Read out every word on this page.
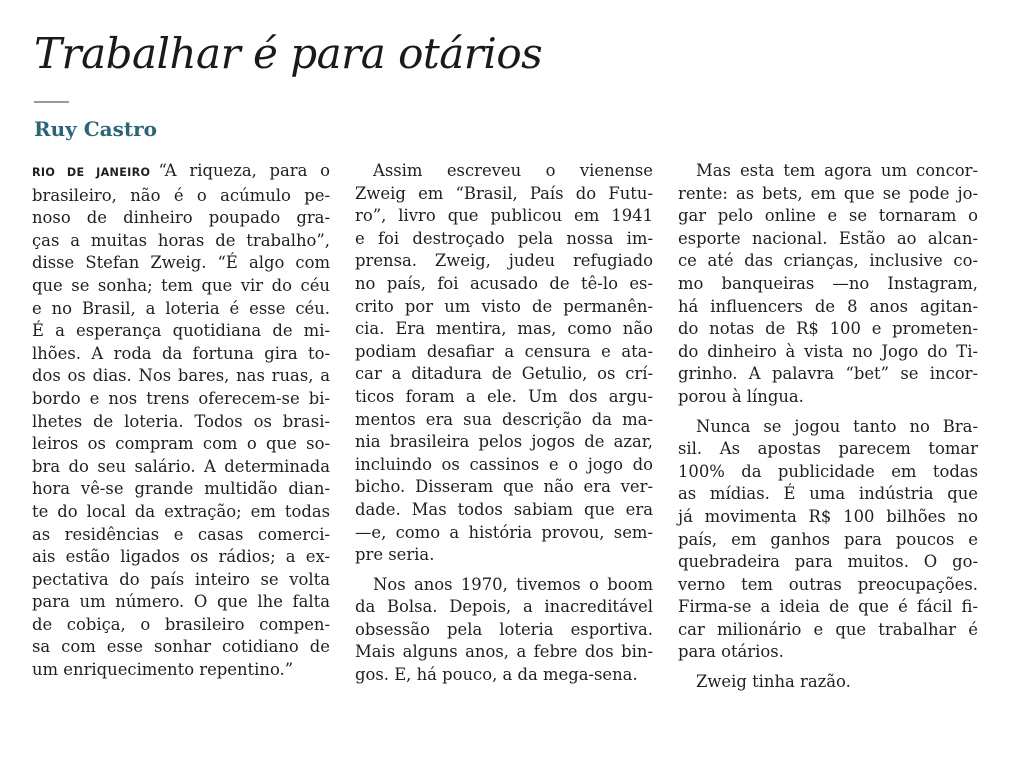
Trabalhar é para otários
Ruy Castro
RIO DE JANEIRO  “A riqueza, para o
brasileiro, não é o acúmulo pe-
noso de dinheiro poupado gra-
ças a muitas horas de trabalho”,
disse Stefan Zweig. “É algo com
que se sonha; tem que vir do céu
e no Brasil, a loteria é esse céu.
É a esperança quotidiana de mi-
lhões. A roda da fortuna gira to-
dos os dias. Nos bares, nas ruas, a
bordo e nos trens oferecem-se bi-
lhetes de loteria. Todos os brasi-
leiros os compram com o que so-
bra do seu salário. A determinada
hora vê-se grande multidão dian-
te do local da extração; em todas
as residências e casas comerci-
ais estão ligados os rádios; a ex-
pectativa do país inteiro se volta
para um número. O que lhe falta
de cobiça, o brasileiro compen-
sa com esse sonhar cotidiano de
um enriquecimento repentino.”
Assim escreveu o vienense
Zweig em “Brasil, País do Futu-
ro”, livro que publicou em 1941
e foi destroçado pela nossa im-
prensa. Zweig, judeu refugiado
no país, foi acusado de tê-lo es-
crito por um visto de permanên-
cia. Era mentira, mas, como não
podiam desafiar a censura e ata-
car a ditadura de Getulio, os crí-
ticos foram a ele. Um dos argu-
mentos era sua descrição da ma-
nia brasileira pelos jogos de azar,
incluindo os cassinos e o jogo do
bicho. Disseram que não era ver-
dade. Mas todos sabiam que era
—e, como a história provou, sem-
pre seria.
Nos anos 1970, tivemos o boom
da Bolsa. Depois, a inacreditável
obsessão pela loteria esportiva.
Mais alguns anos, a febre dos bin-
gos. E, há pouco, a da mega-sena.
Mas esta tem agora um concor-
rente: as bets, em que se pode jo-
gar pelo online e se tornaram o
esporte nacional. Estão ao alcan-
ce até das crianças, inclusive co-
mo banqueiras —no Instagram,
há influencers de 8 anos agitan-
do notas de R$ 100 e prometen-
do dinheiro à vista no Jogo do Ti-
grinho. A palavra “bet” se incor-
porou à língua.
Nunca se jogou tanto no Bra-
sil. As apostas parecem tomar
100% da publicidade em todas
as mídias. É uma indústria que
já movimenta R$ 100 bilhões no
país, em ganhos para poucos e
quebradeira para muitos. O go-
verno tem outras preocupações.
Firma-se a ideia de que é fácil fi-
car milionário e que trabalhar é
para otários.
Zweig tinha razão.
